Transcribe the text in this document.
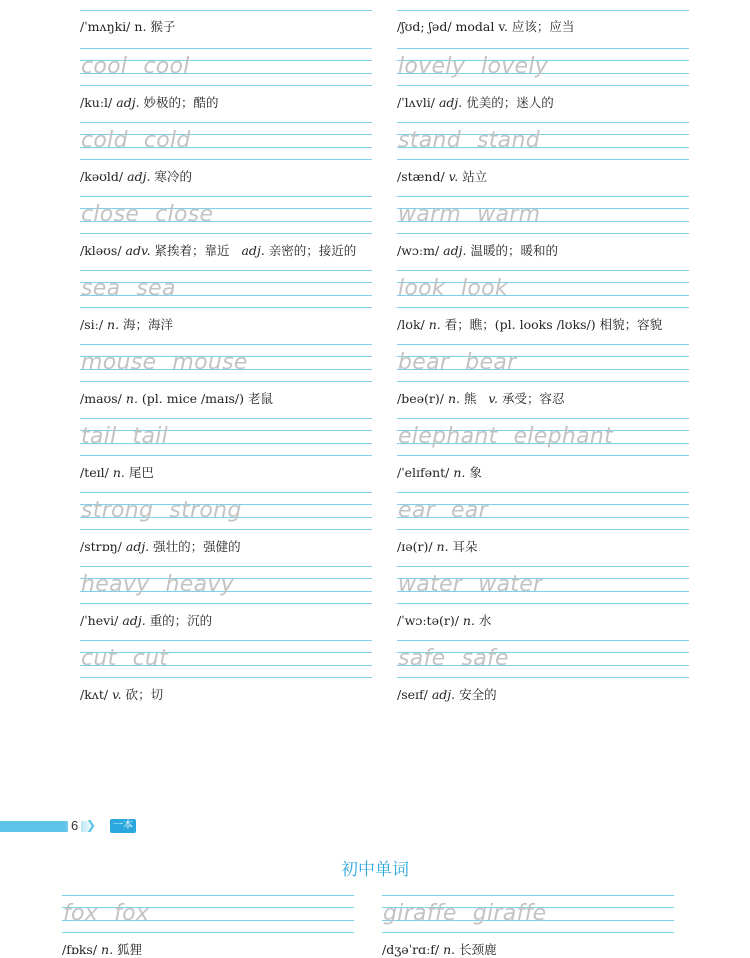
/ˈmʌŋki/ n. 猴子	/ʃʊd; ʃəd/ modal v. 应该；应当
cool cool
/kuːl/ adj. 妙极的；酷的
cold cold
/kəʊld/ adj. 寒冷的
close close
/kləʊs/ adv. 紧挨着；靠近 adj. 亲密的；接近的
sea sea
/siː/ n. 海；海洋
mouse mouse
/maʊs/ n. (pl. mice /maɪs/) 老鼠
tail tail
/teɪl/ n. 尾巴
strong strong
/strɒŋ/ adj. 强壮的；强健的
heavy heavy
/ˈhevi/ adj. 重的；沉的
cut cut
/kʌt/ v. 砍；切
lovely lovely
/ˈlʌvli/ adj. 优美的；迷人的
stand stand
/stænd/ v. 站立
warm warm
/wɔːm/ adj. 温暖的；暖和的
look look
/lʊk/ n. 看；瞧；(pl. looks /lʊks/) 相貌；容貌
bear bear
/beə(r)/ n. 熊 v. 承受；容忍
elephant elephant
/ˈelɪfənt/ n. 象
ear ear
/ɪə(r)/ n. 耳朵
water water
/ˈwɔːtə(r)/ n. 水
safe safe
/seɪf/ adj. 安全的
6 ❯	一本
初中单词
fox fox
/fɒks/ n. 狐狸
giraffe giraffe
/dʒəˈrɑːf/ n. 长颈鹿
